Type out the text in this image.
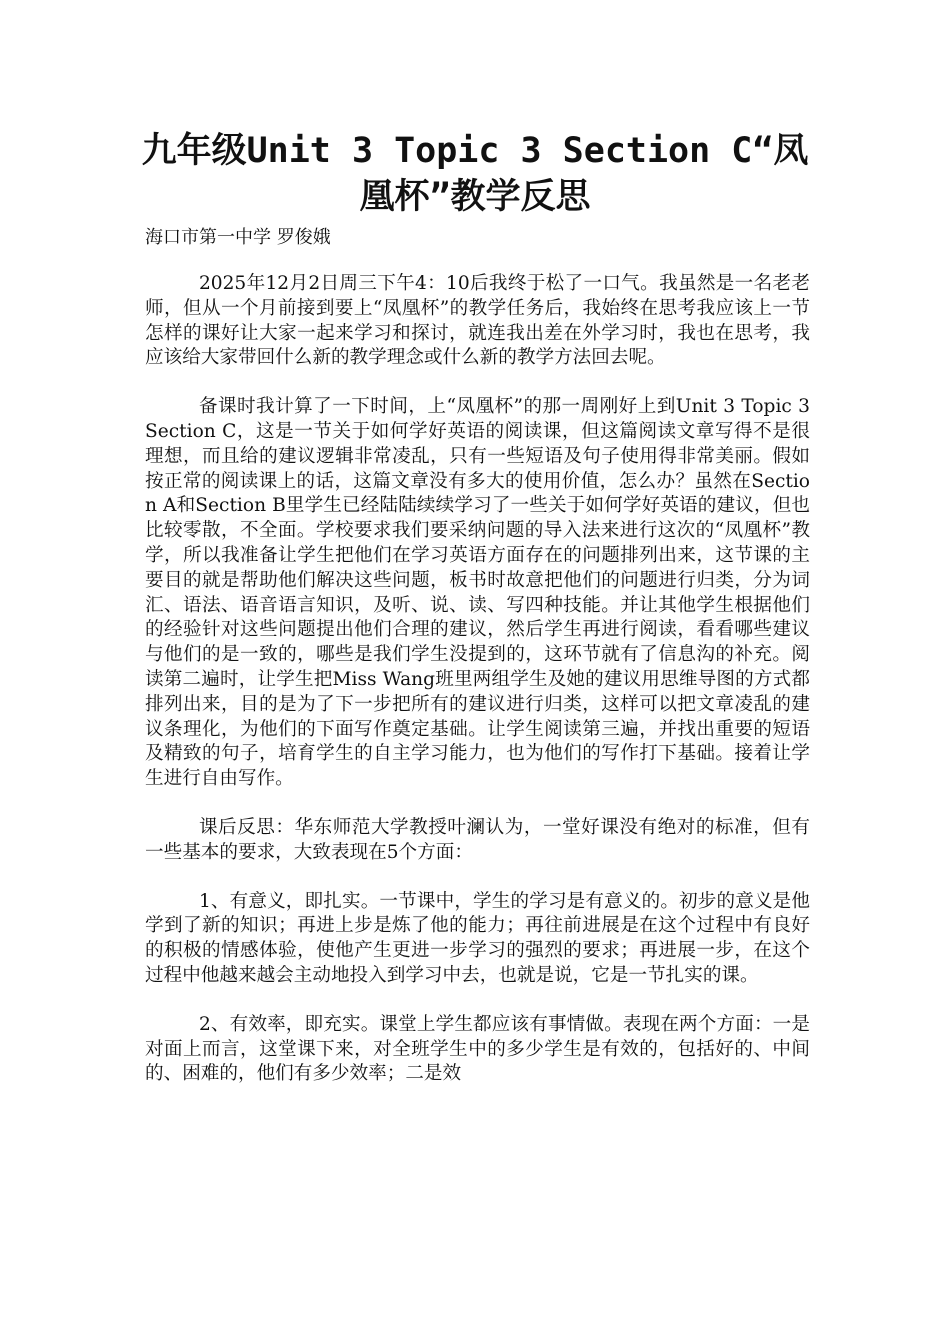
九年级Unit 3 Topic 3 Section C“凤凰杯”教学反思

海口市第一中学 罗俊娥

2025年12月2日周三下午4：10后我终于松了一口气。我虽然是一名老老师，但从一个月前接到要上“凤凰杯”的教学任务后，我始终在思考我应该上一节怎样的课好让大家一起来学习和探讨，就连我出差在外学习时，我也在思考，我应该给大家带回什么新的教学理念或什么新的教学方法回去呢。

备课时我计算了一下时间，上“凤凰杯”的那一周刚好上到Unit 3 Topic 3 Section C，这是一节关于如何学好英语的阅读课，但这篇阅读文章写得不是很理想，而且给的建议逻辑非常凌乱，只有一些短语及句子使用得非常美丽。假如按正常的阅读课上的话，这篇文章没有多大的使用价值，怎么办？虽然在Section A和Section B里学生已经陆陆续续学习了一些关于如何学好英语的建议，但也比较零散，不全面。学校要求我们要采纳问题的导入法来进行这次的“凤凰杯”教学，所以我准备让学生把他们在学习英语方面存在的问题排列出来，这节课的主要目的就是帮助他们解决这些问题，板书时故意把他们的问题进行归类，分为词汇、语法、语音语言知识，及听、说、读、写四种技能。并让其他学生根据他们的经验针对这些问题提出他们合理的建议，然后学生再进行阅读，看看哪些建议与他们的是一致的，哪些是我们学生没提到的，这环节就有了信息沟的补充。阅读第二遍时，让学生把Miss Wang班里两组学生及她的建议用思维导图的方式都排列出来，目的是为了下一步把所有的建议进行归类，这样可以把文章凌乱的建议条理化，为他们的下面写作奠定基础。让学生阅读第三遍，并找出重要的短语及精致的句子，培育学生的自主学习能力，也为他们的写作打下基础。接着让学生进行自由写作。

课后反思：华东师范大学教授叶澜认为，一堂好课没有绝对的标准，但有一些基本的要求，大致表现在5个方面：

1、有意义，即扎实。一节课中，学生的学习是有意义的。初步的意义是他学到了新的知识；再进上步是炼了他的能力；再往前进展是在这个过程中有良好的积极的情感体验，使他产生更进一步学习的强烈的要求；再进展一步，在这个过程中他越来越会主动地投入到学习中去，也就是说，它是一节扎实的课。

2、有效率，即充实。课堂上学生都应该有事情做。表现在两个方面：一是对面上而言，这堂课下来，对全班学生中的多少学生是有效的，包括好的、中间的、困难的，他们有多少效率；二是效
